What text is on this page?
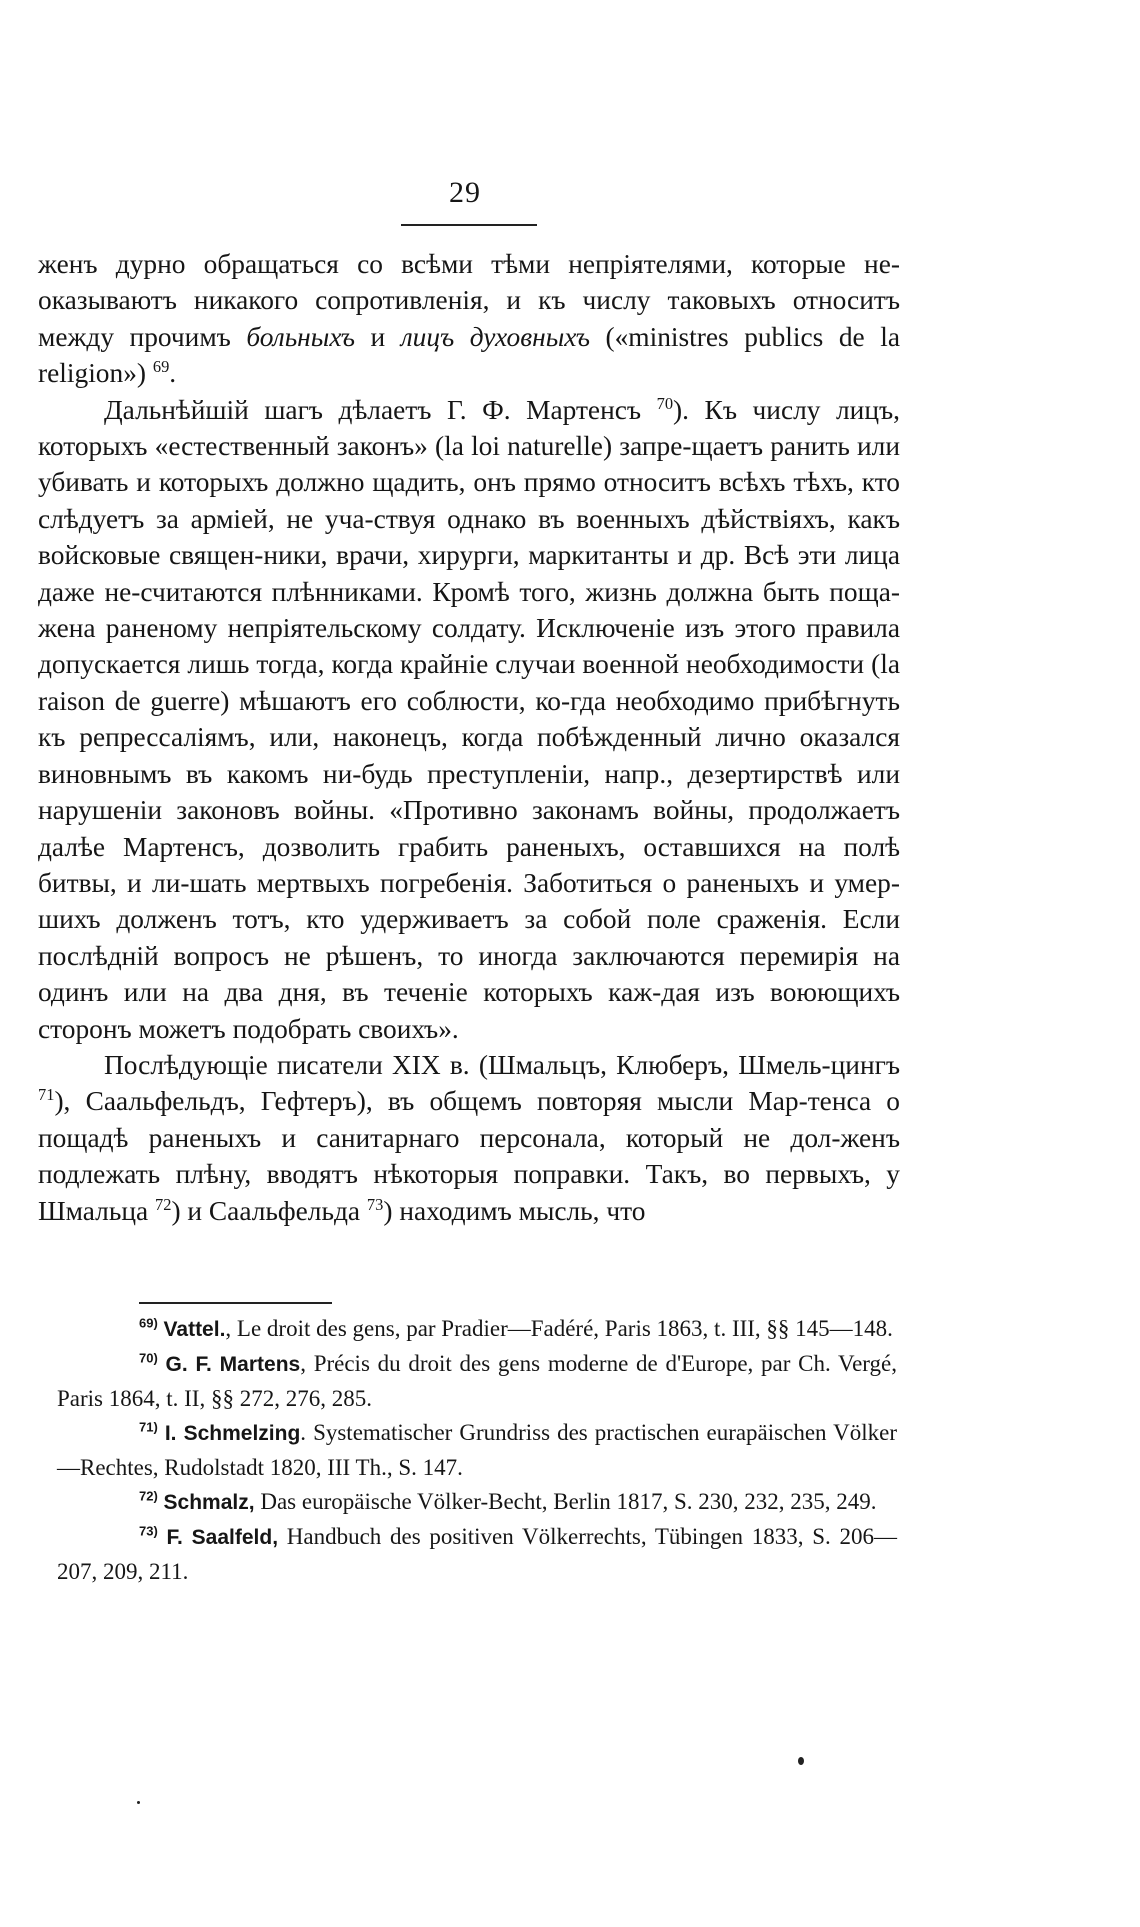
29

женъ дурно обращаться со всѣми тѣми непріятелями, которые не-оказываютъ никакого сопротивленія, и къ числу таковыхъ относитъ между прочимъ больныхъ и лицъ духовныхъ («ministres publics de la religion») $^{69}$.

Дальнѣйшій шагъ дѣлаетъ Г. Ф. Мартенсъ $^{70}$). Къ числу лицъ, которыхъ «естественный законъ» (la loi naturelle) запре-щаетъ ранить или убивать и которыхъ должно щадить, онъ прямо относитъ всѣхъ тѣхъ, кто слѣдуетъ за арміей, не уча-ствуя однако въ военныхъ дѣйствіяхъ, какъ войсковые священ-ники, врачи, хирурги, маркитанты и др. Всѣ эти лица даже не-считаются плѣнниками. Кромѣ того, жизнь должна быть пощa-жена раненому непріятельскому солдату. Исключеніе изъ этого правила допускается лишь тогда, когда крайніе случаи военной необходимости (la raison de guerre) мѣшаютъ его соблюсти, ко-гда необходимо прибѣгнуть къ репрессаліямъ, или, наконецъ, когда побѣжденный лично оказался виновнымъ въ какомъ ни-будь преступленіи, напр., дезертирствѣ или нарушеніи законовъ войны. «Противно законамъ войны, продолжаетъ далѣе Мартенсъ, дозволить грабить раненыхъ, оставшихся на полѣ битвы, и ли-шать мертвыхъ погребенія. Заботиться о раненыхъ и умер-шихъ долженъ тотъ, кто удерживаетъ за собой поле сраженія. Если послѣдній вопросъ не рѣшенъ, то иногда заключаются перемирія на одинъ или на два дня, въ теченіе которыхъ каж-дая изъ воюющихъ сторонъ можетъ подобрать своихъ».

Послѣдующіе писатели XIX в. (Шмальцъ, Клюберъ, Шмель-цингъ $^{71}$), Саальфельдъ, Гефтеръ), въ общемъ повторяя мысли Мар-тенса о пощадѣ раненыхъ и санитарнаго персонала, который не дол-женъ подлежать плѣну, вводятъ нѣкоторыя поправки. Такъ, во первыхъ, у Шмальца $^{72}$) и Саальфельда $^{73}$) находимъ мысль, что

$^{69)}$ Vattel., Le droit des gens, par Pradier—Fadéré, Paris 1863, t. III, §§ 145—148.

$^{70)}$ G. F. Martens, Précis du droit des gens moderne de d'Europe, par Ch. Vergé, Paris 1864, t. II, §§ 272, 276, 285.

$^{71)}$ I. Schmelzing. Systematischer Grundriss des practischen eurapäischen Völker—Rechtes, Rudolstadt 1820, III Th., S. 147.

$^{72)}$ Schmalz, Das europäische Völker-Becht, Berlin 1817, S. 230, 232, 235, 249.

$^{73)}$ F. Saalfeld, Handbuch des positiven Völkerrechts, Tübingen 1833, S. 206—207, 209, 211.
